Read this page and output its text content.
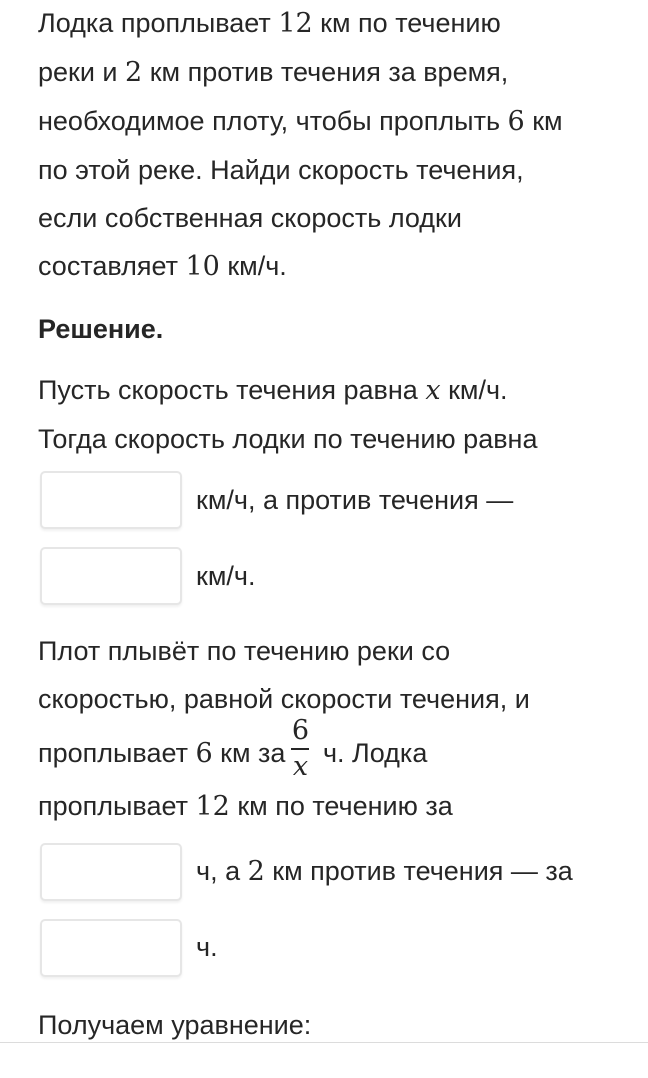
Лодка проплывает 12 км по течению
реки и 2 км против течения за время,
необходимое плоту, чтобы проплыть 6 км
по этой реке. Найди скорость течения,
если собственная скорость лодки
составляет 10 км/ч.

Решение.

Пусть скорость течения равна x км/ч.
Тогда скорость лодки по течению равна

км/ч, а против течения —
км/ч.

Плот плывёт по течению реки со
скоростью, равной скорости течения, и

проплывает 6 км за $\frac{6}{x} ч$. Лодка

проплывает 12 км по течению за

ч, а 2 км против течения — за
ч.

Получаем уравнение:
